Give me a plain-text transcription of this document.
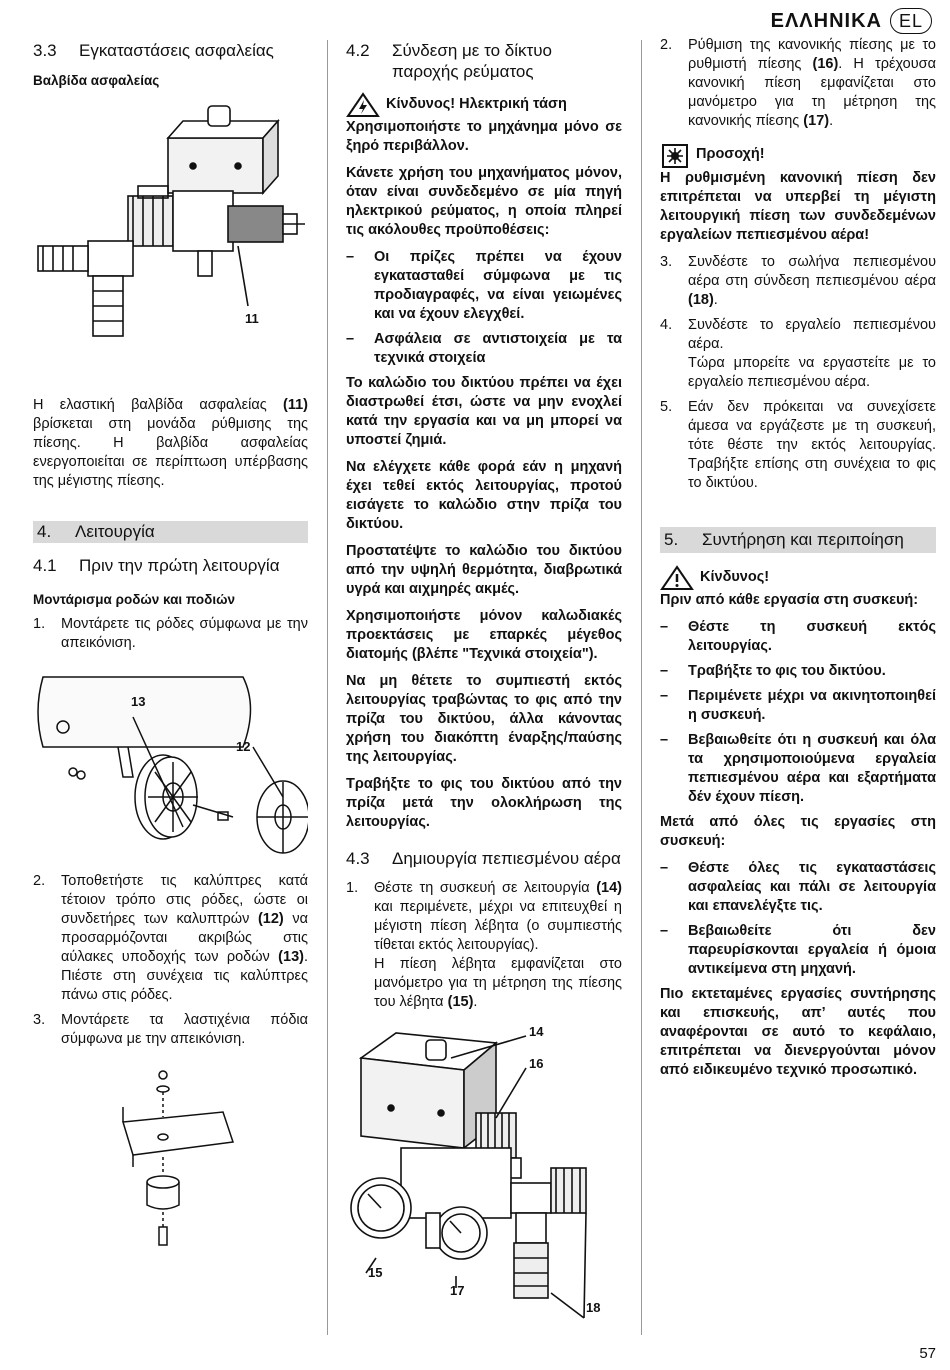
ΕΛΛΗΝΙΚΑ EL
3.3	Εγκαταστάσεις ασφαλείας
Βαλβίδα ασφαλείας
11

Η ελαστική βαλβίδα ασφαλείας (11) βρίσκεται στη μονάδα ρύθμισης της πίεσης. Η βαλβίδα ασφαλείας ενεργοποιείται σε περίπτωση υπέρβασης της μέγιστης πίεσης.

4.	Λειτουργία
4.1	Πριν την πρώτη λειτουργία
Μοντάρισμα ροδών και ποδιών
1.	Μοντάρετε τις ρόδες σύμφωνα με την απεικόνιση.
13
12
2.	Τοποθετήστε τις καλύπτρες κατά τέτοιον τρόπο στις ρόδες, ώστε οι συνδετήρες των καλυπτρών (12) να προσαρμόζονται ακριβώς στις αύλακες υποδοχής των ροδών (13). Πιέστε στη συνέχεια τις καλύπτρες πάνω στις ρόδες.
3.	Μοντάρετε τα λαστιχένια πόδια σύμφωνα με την απεικόνιση.
4.2	Σύνδεση με το δίκτυο παροχής ρεύματος
Κίνδυνος! Ηλεκτρική τάση

Χρησιμοποιήστε το μηχάνημα μόνο σε ξηρό περιβάλλον.

Κάνετε χρήση του μηχανήματος μόνον, όταν είναι συνδεδεμένο σε μία πηγή ηλεκτρικού ρεύματος, η οποία πληρεί τις ακόλουθες προϋποθέσεις:

–	Οι πρίζες πρέπει να έχουν εγκατασταθεί σύμφωνα με τις προδιαγραφές, να είναι γειωμένες και να έχουν ελεγχθεί.
–	Ασφάλεια σε αντιστοιχεία με τα τεχνικά στοιχεία

Το καλώδιο του δικτύου πρέπει να έχει διαστρωθεί έτσι, ώστε να μην ενοχλεί κατά την εργασία και να μη μπορεί να υποστεί ζημιά.

Να ελέγχετε κάθε φορά εάν η μηχανή έχει τεθεί εκτός λειτουργίας, προτού εισάγετε το καλώδιο στην πρίζα του δικτύου.

Προστατέψτε το καλώδιο του δικτύου από την υψηλή θερμότητα, διαβρωτικά υγρά και αιχμηρές ακμές.

Χρησιμοποιήστε μόνον καλωδιακές προεκτάσεις με επαρκές μέγεθος διατομής (βλέπε "Τεχνικά στοιχεία").

Να μη θέτετε το συμπιεστή εκτός λειτουργίας τραβώντας το φις από την πρίζα του δικτύου, άλλα κάνοντας χρήση του διακόπτη έναρξης/παύσης της λειτουργίας.

Τραβήξτε το φις του δικτύου από την πρίζα μετά την ολοκλήρωση της λειτουργίας.

4.3	Δημιουργία πεπιεσμένου αέρα
1.	Θέστε τη συσκευή σε λειτουργία (14) και περιμένετε, μέχρι να επιτευχθεί η μέγιστη πίεση λέβητα (ο συμπιεστής τίθεται εκτός λειτουργίας).
Η πίεση λέβητα εμφανίζεται στο μανόμετρο για τη μέτρηση της πίεσης του λέβητα (15).
14
16
15
17
18
2.	Ρύθμιση της κανονικής πίεσης με το ρυθμιστή πίεσης (16). Η τρέχουσα κανονική πίεση εμφανίζεται στο μανόμετρο για τη μέτρηση της κανονικής πίεσης (17).
Προσοχή!

Η ρυθμισμένη κανονική πίεση δεν επιτρέπεται να υπερβεί τη μέγιστη λειτουργική πίεση των συνδεδεμένων εργαλείων πεπιεσμένου αέρα!

3.	Συνδέστε το σωλήνα πεπιεσμένου αέρα στη σύνδεση πεπιεσμένου αέρα (18).
4.	Συνδέστε το εργαλείο πεπιεσμένου αέρα.
Τώρα μπορείτε να εργαστείτε με το εργαλείο πεπιεσμένου αέρα.
5.	Εάν δεν πρόκειται να συνεχίσετε άμεσα να εργάζεστε με τη συσκευή, τότε θέστε την εκτός λειτουργίας. Τραβήξτε επίσης στη συνέχεια το φις το δικτύου.
5.	Συντήρηση και περιποίηση
Κίνδυνος!

Πριν από κάθε εργασία στη συσκευή:

–	Θέστε τη συσκευή εκτός λειτουργίας.
–	Τραβήξτε το φις του δικτύου.
–	Περιμένετε μέχρι να ακινητοποιηθεί η συσκευή.
–	Βεβαιωθείτε ότι η συσκευή και όλα τα χρησιμοποιούμενα εργαλεία πεπιεσμένου αέρα και εξαρτήματα δέν έχουν πίεση.

Μετά από όλες τις εργασίες στη συσκευή:

–	Θέστε όλες τις εγκαταστάσεις ασφαλείας και πάλι σε λειτουργία και επανελέγξτε τις.
–	Βεβαιωθείτε ότι δεν παρευρίσκονται εργαλεία ή όμοια αντικείμενα στη μηχανή.

Πιο εκτεταμένες εργασίες συντήρησης και επισκευής, απ’ αυτές που αναφέρονται σε αυτό το κεφάλαιο, επιτρέπεται να διενεργούνται μόνον από ειδικευμένο τεχνικό προσωπικό.

57
